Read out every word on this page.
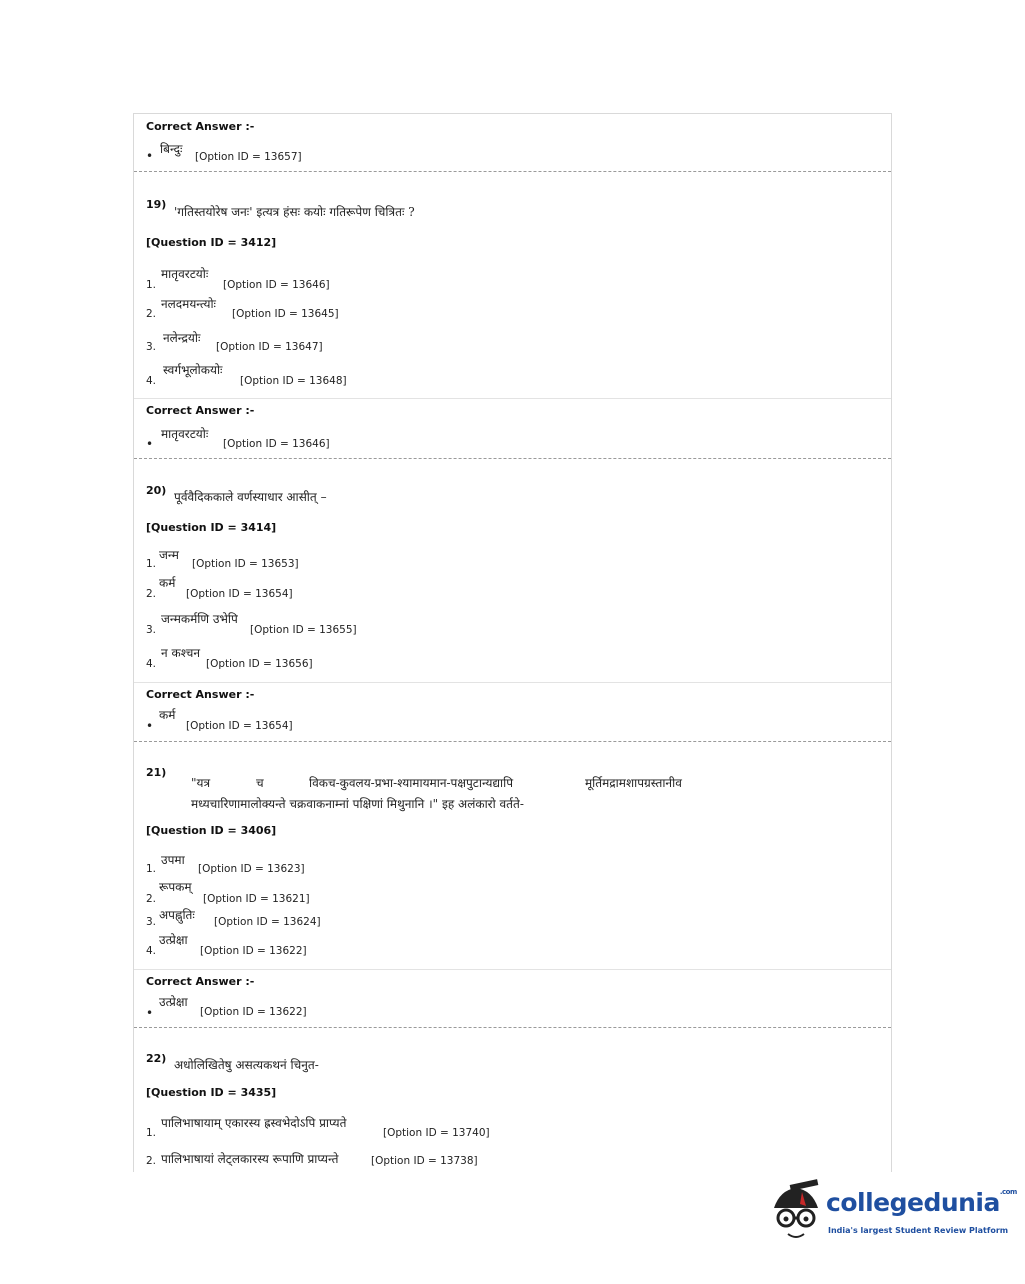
Correct Answer :-
• बिन्दुः
[Option ID = 13657]
19)
'गतिस्तयोरेष जनः' इत्यत्र हंसः कयोः गतिरूपेण चित्रितः ?
[Question ID = 3412]
1.
मातृवरटयोः
[Option ID = 13646]
2.
नलदमयन्त्योः
[Option ID = 13645]
3.
नलेन्द्रयोः
[Option ID = 13647]
4.
स्वर्गभूलोकयोः
[Option ID = 13648]
Correct Answer :-
•
मातृवरटयोः
[Option ID = 13646]
20) पूर्ववैदिककाले वर्णस्याधार आसीत् –
[Question ID = 3414]
1.
जन्म
[Option ID = 13653]
2.
कर्म
[Option ID = 13654]
3.
जन्मकर्मणि उभेपि
[Option ID = 13655]
4.
न कश्चन
[Option ID = 13656]
Correct Answer :-
•
कर्म
[Option ID = 13654]
21)
"यत्र	च	विकच-कुवलय-प्रभा-श्यामायमान-पक्षपुटान्यद्यापि	मूर्तिमद्रामशापग्रस्तानीव
मध्यचारिणामालोक्यन्ते चक्रवाकनाम्नां पक्षिणां मिथुनानि ।" इह अलंकारो वर्तते-
[Question ID = 3406]
1.
उपमा
[Option ID = 13623]
2.
रूपकम्
[Option ID = 13621]
3. अपह्नुतिः [Option ID = 13624]
4.
उत्प्रेक्षा
[Option ID = 13622]
Correct Answer :-
•
उत्प्रेक्षा
[Option ID = 13622]
22) अधोलिखितेषु असत्यकथनं चिनुत-
[Question ID = 3435]
1.
पालिभाषायाम् एकारस्य ह्रस्वभेदोऽपि प्राप्यते
[Option ID = 13740]
2. पालिभाषायां लेट्लकारस्य रूपाणि प्राप्यन्ते	[Option ID = 13738]
collegedunia$^{.com}$
India's largest Student Review Platform
